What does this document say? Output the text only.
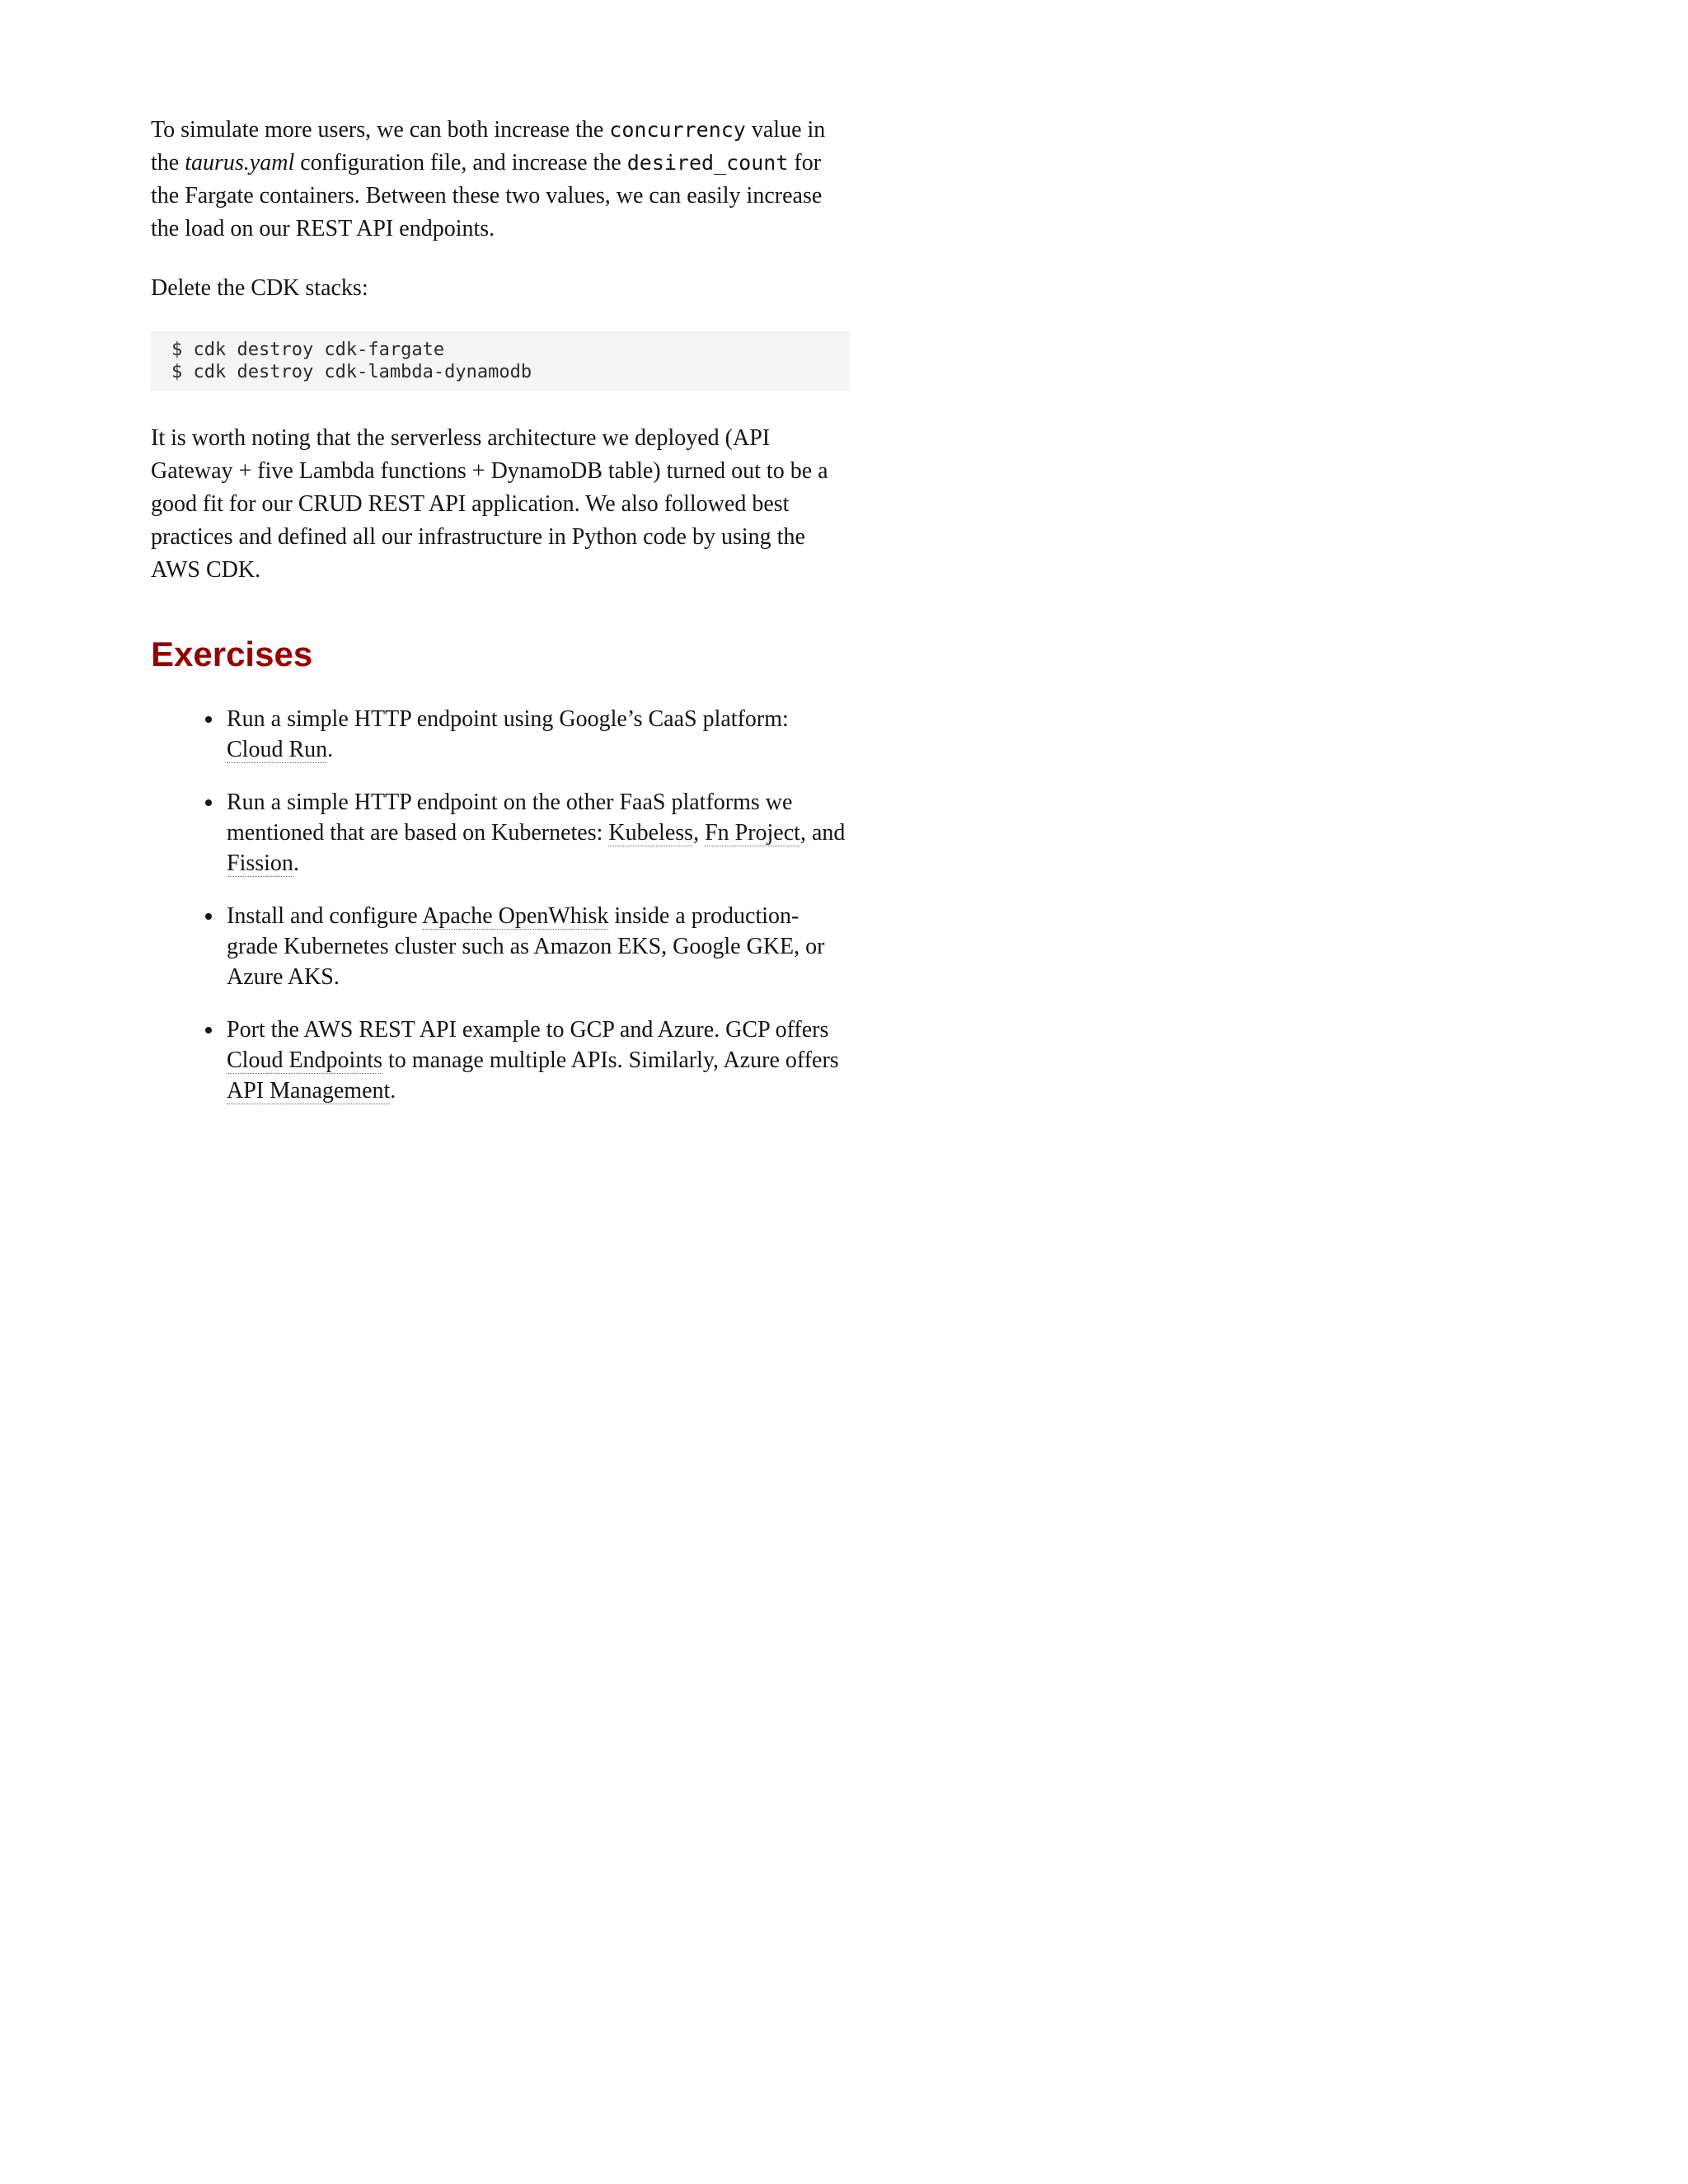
To simulate more users, we can both increase the concurrency value in the taurus.yaml configuration file, and increase the desired_count for the Fargate containers. Between these two values, we can easily increase the load on our REST API endpoints.

Delete the CDK stacks:

$ cdk destroy cdk-fargate
$ cdk destroy cdk-lambda-dynamodb

It is worth noting that the serverless architecture we deployed (API Gateway + five Lambda functions + DynamoDB table) turned out to be a good fit for our CRUD REST API application. We also followed best practices and defined all our infrastructure in Python code by using the AWS CDK.

Exercises
• Run a simple HTTP endpoint using Google’s CaaS platform: Cloud Run.
• Run a simple HTTP endpoint on the other FaaS platforms we mentioned that are based on Kubernetes: Kubeless, Fn Project, and Fission.
• Install and configure Apache OpenWhisk inside a production-grade Kubernetes cluster such as Amazon EKS, Google GKE, or Azure AKS.
• Port the AWS REST API example to GCP and Azure. GCP offers Cloud Endpoints to manage multiple APIs. Similarly, Azure offers API Management.
